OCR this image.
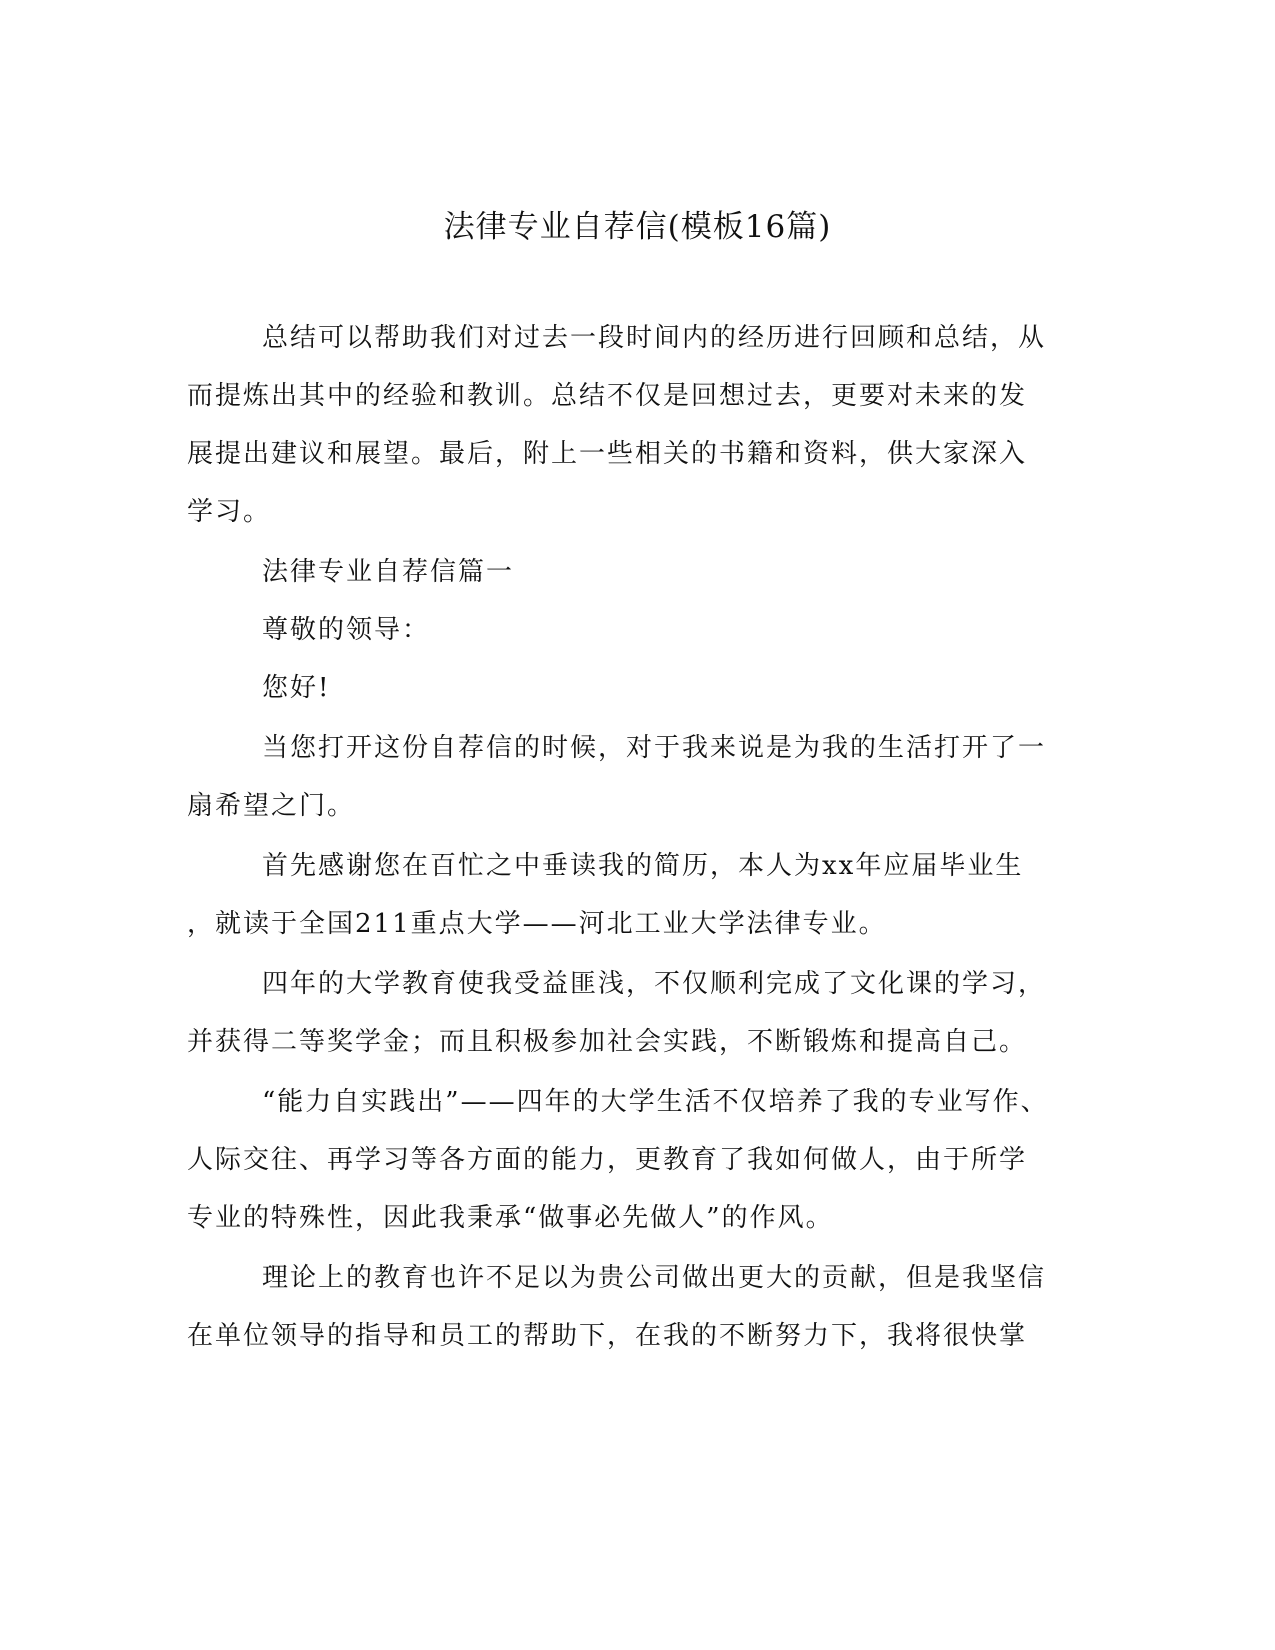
法律专业自荐信(模板16篇)
总结可以帮助我们对过去一段时间内的经历进行回顾和总结，从
而提炼出其中的经验和教训。总结不仅是回想过去，更要对未来的发
展提出建议和展望。最后，附上一些相关的书籍和资料，供大家深入
学习。
法律专业自荐信篇一
尊敬的领导：
您好!
当您打开这份自荐信的时候，对于我来说是为我的生活打开了一
扇希望之门。
首先感谢您在百忙之中垂读我的简历，本人为xx年应届毕业生
，就读于全国211重点大学——河北工业大学法律专业。
四年的大学教育使我受益匪浅，不仅顺利完成了文化课的学习，
并获得二等奖学金；而且积极参加社会实践，不断锻炼和提高自己。
“能力自实践出”——四年的大学生活不仅培养了我的专业写作、
人际交往、再学习等各方面的能力，更教育了我如何做人，由于所学
专业的特殊性，因此我秉承“做事必先做人”的作风。
理论上的教育也许不足以为贵公司做出更大的贡献，但是我坚信
在单位领导的指导和员工的帮助下，在我的不断努力下，我将很快掌
